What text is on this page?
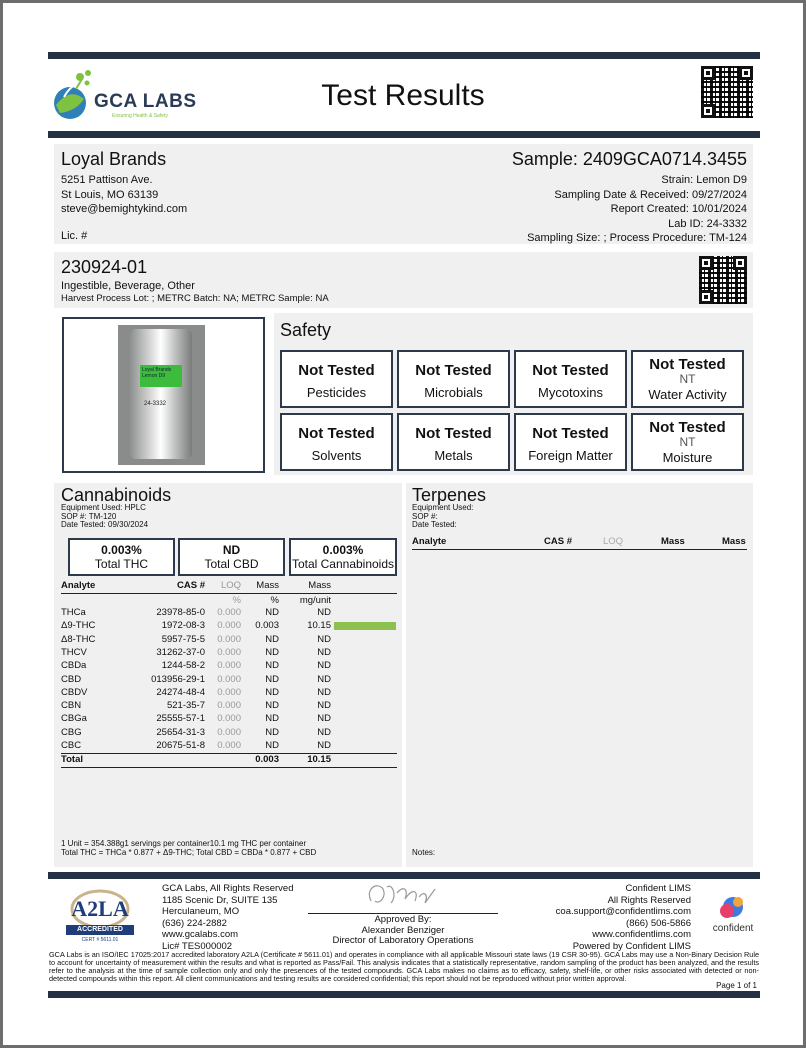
GCA LABS
Ensuring Health & Safety
Test Results
Loyal Brands
5251 Pattison Ave.
St Louis, MO 63139
steve@bemightykind.com
Lic. #
Sample: 2409GCA0714.3455
Strain: Lemon D9
Sampling Date & Received: 09/27/2024
Report Created: 10/01/2024
Lab ID: 24-3332
Sampling Size: ; Process Procedure: TM-124
230924-01
Ingestible, Beverage, Other
Harvest Process Lot: ; METRC Batch: NA; METRC Sample: NA
Loyal Brands Lemon D9
24-3332
Safety
Not Tested
Pesticides
Not Tested
Microbials
Not Tested
Mycotoxins
Not Tested
NT
Water Activity
Not Tested
Solvents
Not Tested
Metals
Not Tested
Foreign Matter
Not Tested
NT
Moisture
Cannabinoids
Equipment Used: HPLC
SOP #: TM-120
Date Tested: 09/30/2024
0.003%
Total THC
ND
Total CBD
0.003%
Total Cannabinoids
Analyte	CAS # LOQ Mass	Mass
%	% mg/unit
THCa	23978-85-0 0.000	ND	ND
Δ9-THC	1972-08-3 0.000 0.003	10.15
Δ8-THC	5957-75-5 0.000	ND	ND
THCV	31262-37-0 0.000	ND	ND
CBDa	1244-58-2 0.000	ND	ND
CBD	013956-29-1 0.000	ND	ND
CBDV	24274-48-4 0.000	ND	ND
CBN	521-35-7 0.000	ND	ND
CBGa	25555-57-1 0.000	ND	ND
CBG	25654-31-3 0.000	ND	ND
CBC	20675-51-8 0.000	ND	ND
Total	0.003	10.15
1 Unit = 354.388g1 servings per container10.1 mg THC per container
Total THC = THCa * 0.877 + Δ9-THC; Total CBD = CBDa * 0.877 + CBD
Terpenes
Equipment Used:
SOP #:
Date Tested:
Analyte	CAS #	LOQ	Mass	Mass
Notes:
A2LA
ACCREDITED
CERT # 5611.01
GCA Labs, All Rights Reserved
1185 Scenic Dr, SUITE 135
Herculaneum, MO
(636) 224-2882
www.gcalabs.com
Lic# TES000002
Approved By:
Alexander Benziger
Director of Laboratory Operations
Confident LIMS
All Rights Reserved
coa.support@confidentlims.com
(866) 506-5866
www.confidentlims.com
Powered by Confident LIMS
confident
GCA Labs is an ISO/IEC 17025:2017 accredited laboratory A2LA (Certificate # 5611.01) and operates in compliance with all applicable Missouri state laws (19 CSR 30-95). GCA Labs may use a Non-Binary Decision Rule to account for uncertainty of measurement within the results and what is reported as Pass/Fail. This analysis indicates that a statistically representative, random sampling of the product has been analyzed, and the results refer to the analysis at the time of sample collection only and only the presences of the tested compounds. GCA Labs makes no claims as to efficacy, safety, shelf-life, or other risks associated with detected or non-detected compounds within this report. All client communications and testing results are considered confidential; this report should not be reproduced without prior written approval.
Page 1 of 1
